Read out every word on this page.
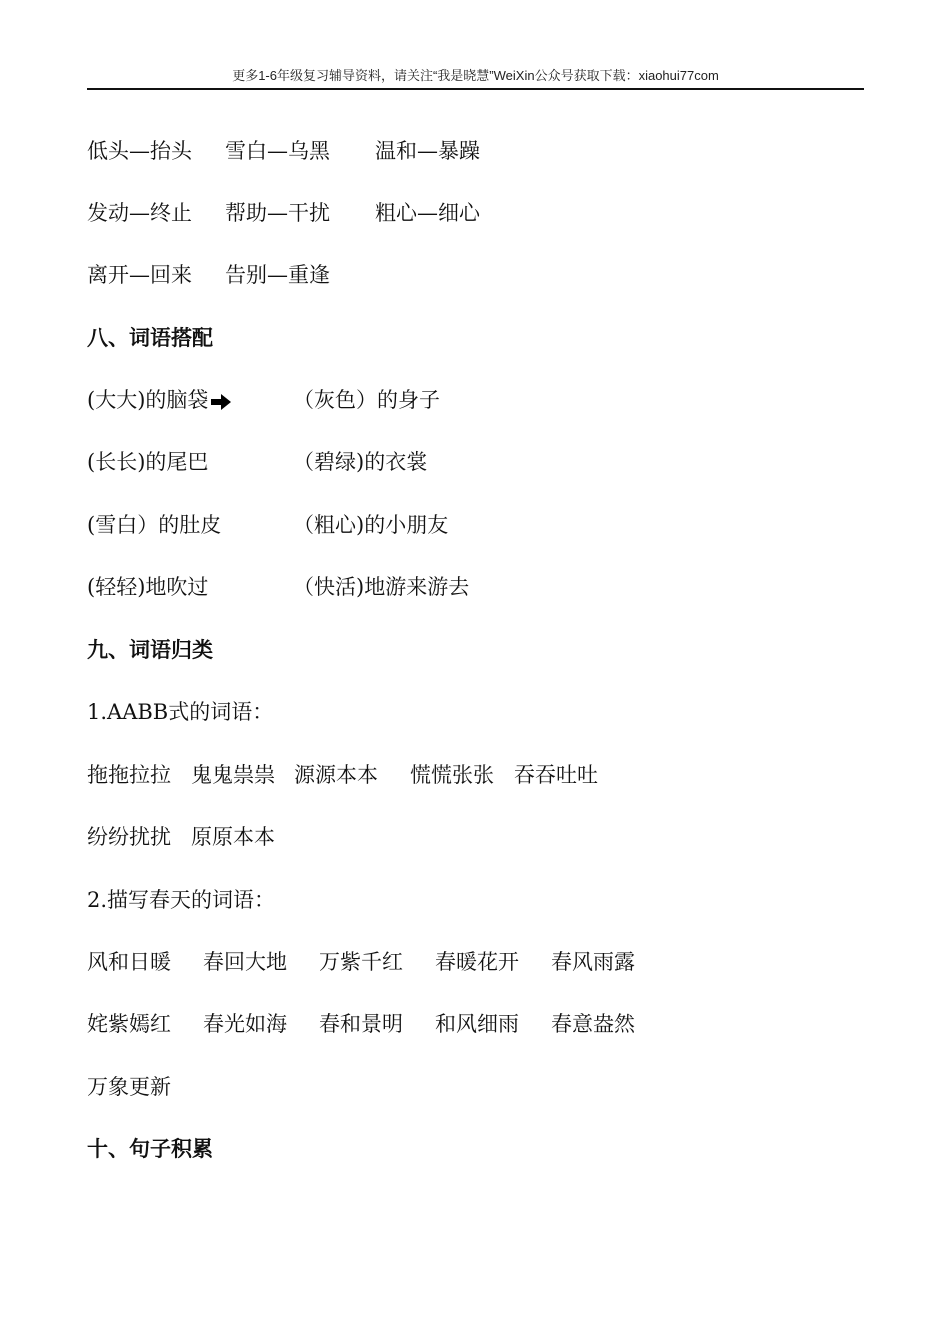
更多1-6年级复习辅导资料，请关注“我是晓慧”WeiXin公众号获取下载：xiaohui77com
低头—抬头 雪白—乌黑 温和—暴躁
发动—终止 帮助—干扰 粗心—细心
离开—回来 告别—重逢
八、词语搭配
(大大)的脑袋	（灰色）的身子
(长长)的尾巴	（碧绿)的衣裳
(雪白）的肚皮	（粗心)的小朋友
(轻轻)地吹过	（快活)地游来游去
九、词语归类
1.AABB式的词语：
拖拖拉拉 鬼鬼祟祟 源源本本 慌慌张张 吞吞吐吐
纷纷扰扰 原原本本
2.描写春天的词语：
风和日暖 春回大地 万紫千红 春暖花开 春风雨露
姹紫嫣红 春光如海 春和景明 和风细雨 春意盎然
万象更新
十、句子积累
